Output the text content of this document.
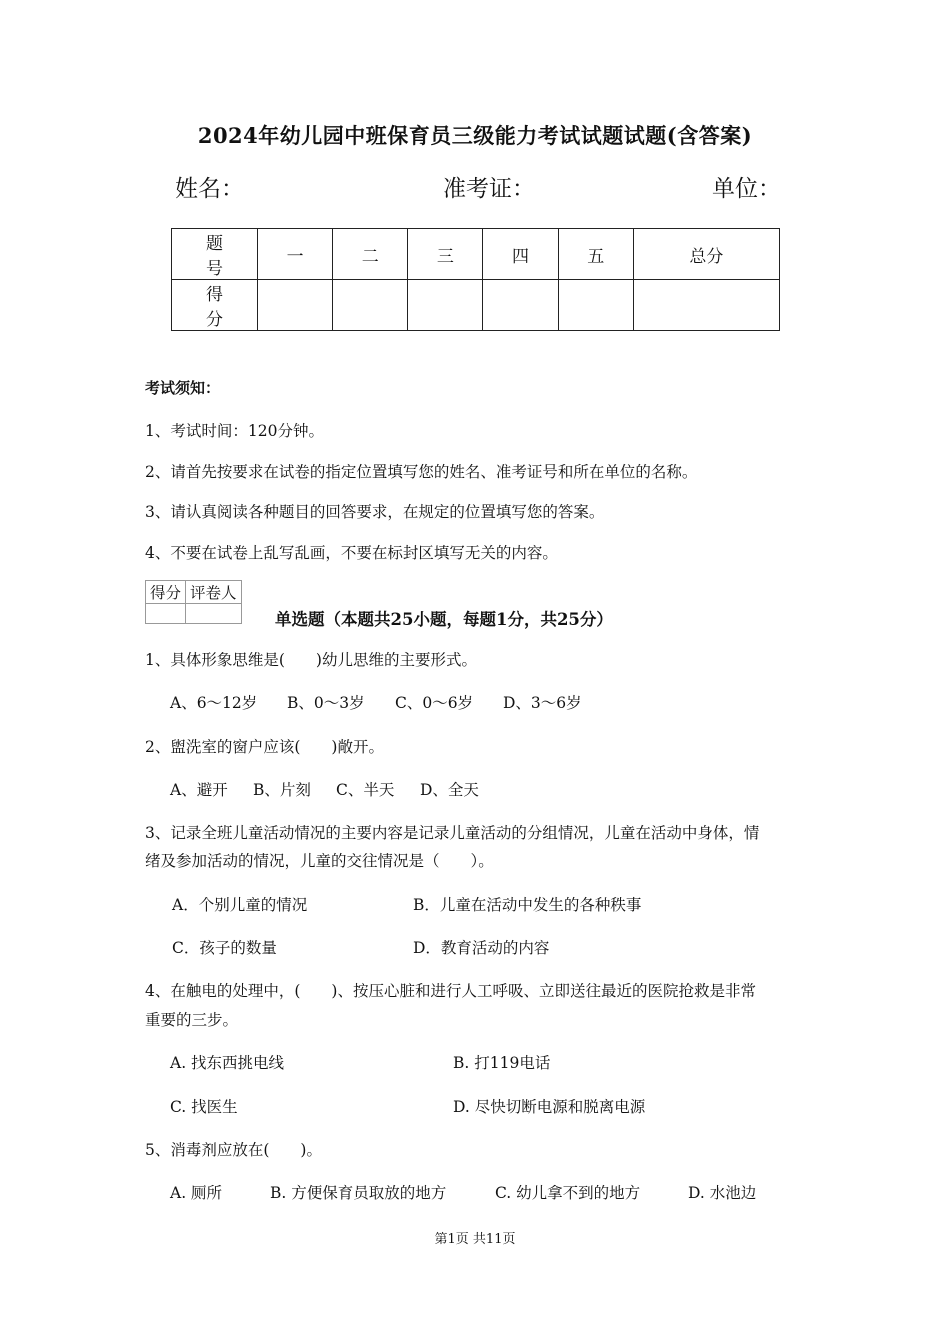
2024年幼儿园中班保育员三级能力考试试题试题(含答案)
姓名：	准考证：	单位：
题 号	一	二	三	四	五	总分
得 分						
考试须知：
1、考试时间：120分钟。
2、请首先按要求在试卷的指定位置填写您的姓名、准考证号和所在单位的名称。
3、请认真阅读各种题目的回答要求，在规定的位置填写您的答案。
4、不要在试卷上乱写乱画，不要在标封区填写无关的内容。
得分	评卷人

单选题（本题共25小题，每题1分，共25分）
1、具体形象思维是(　　)幼儿思维的主要形式。
A、6～12岁 B、0～3岁 C、0～6岁 D、3～6岁
2、盥洗室的窗户应该(　　)敞开。
A、避开 B、片刻 C、半天 D、全天
3、记录全班儿童活动情况的主要内容是记录儿童活动的分组情况，儿童在活动中身体，情
绪及参加活动的情况，儿童的交往情况是（　　）。
A．个别儿童的情况	B．儿童在活动中发生的各种秩事
C．孩子的数量	D．教育活动的内容
4、在触电的处理中，(　　)、按压心脏和进行人工呼吸、立即送往最近的医院抢救是非常
重要的三步。
A. 找东西挑电线	B. 打119电话
C. 找医生	D. 尽快切断电源和脱离电源
5、消毒剂应放在(　　)。
A. 厕所	B. 方便保育员取放的地方	C. 幼儿拿不到的地方	D. 水池边
第1页 共11页
